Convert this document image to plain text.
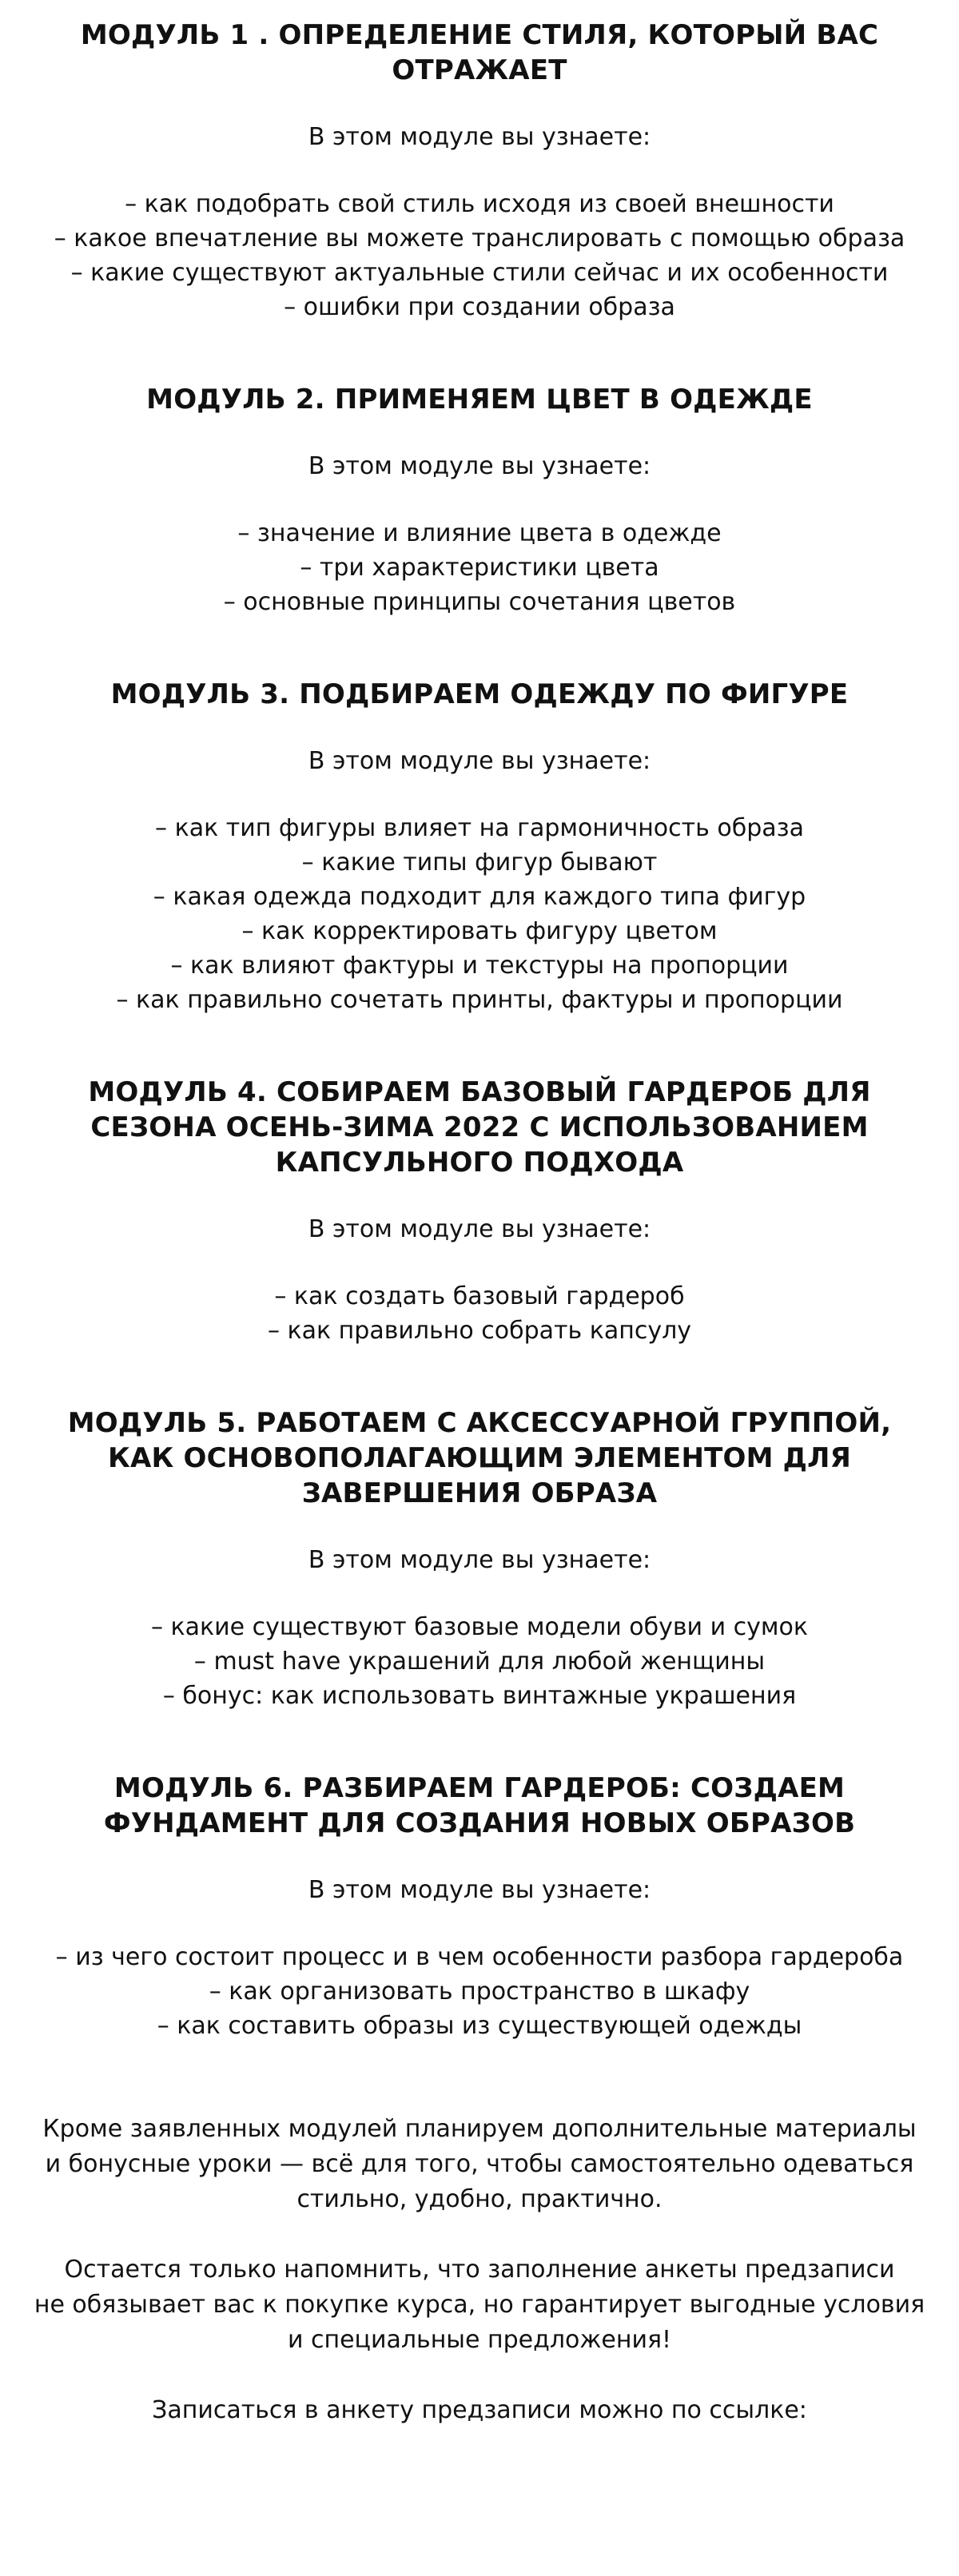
МОДУЛЬ 1 . ОПРЕДЕЛЕНИЕ СТИЛЯ, КОТОРЫЙ ВАС ОТРАЖАЕТ
В этом модуле вы узнаете:
– как подобрать свой стиль исходя из своей внешности
– какое впечатление вы можете транслировать с помощью образа
– какие существуют актуальные стили сейчас и их особенности
– ошибки при создании образа
МОДУЛЬ 2. ПРИМЕНЯЕМ ЦВЕТ В ОДЕЖДЕ
В этом модуле вы узнаете:
– значение и влияние цвета в одежде
– три характеристики цвета
– основные принципы сочетания цветов
МОДУЛЬ 3. ПОДБИРАЕМ ОДЕЖДУ ПО ФИГУРЕ
В этом модуле вы узнаете:
– как тип фигуры влияет на гармоничность образа
– какие типы фигур бывают
– какая одежда подходит для каждого типа фигур
– как корректировать фигуру цветом
– как влияют фактуры и текстуры на пропорции
– как правильно сочетать принты, фактуры и пропорции
МОДУЛЬ 4. СОБИРАЕМ БАЗОВЫЙ ГАРДЕРОБ ДЛЯ СЕЗОНА ОСЕНЬ-ЗИМА 2022 С ИСПОЛЬЗОВАНИЕМ КАПСУЛЬНОГО ПОДХОДА
В этом модуле вы узнаете:
– как создать базовый гардероб
– как правильно собрать капсулу
МОДУЛЬ 5. РАБОТАЕМ С АКСЕССУАРНОЙ ГРУППОЙ, КАК ОСНОВОПОЛАГАЮЩИМ ЭЛЕМЕНТОМ ДЛЯ ЗАВЕРШЕНИЯ ОБРАЗА
В этом модуле вы узнаете:
– какие существуют базовые модели обуви и сумок
– must have украшений для любой женщины
– бонус: как использовать винтажные украшения
МОДУЛЬ 6. РАЗБИРАЕМ ГАРДЕРОБ: СОЗДАЕМ ФУНДАМЕНТ ДЛЯ СОЗДАНИЯ НОВЫХ ОБРАЗОВ
В этом модуле вы узнаете:
– из чего состоит процесс и в чем особенности разбора гардероба
– как организовать пространство в шкафу
– как составить образы из существующей одежды

Кроме заявленных модулей планируем дополнительные материалы

и бонусные уроки — всё для того, чтобы самостоятельно одеваться

стильно, удобно, практично.

Остается только напомнить, что заполнение анкеты предзаписи

не обязывает вас к покупке курса, но гарантирует выгодные условия

и специальные предложения!

Записаться в анкету предзаписи можно по ссылке:
